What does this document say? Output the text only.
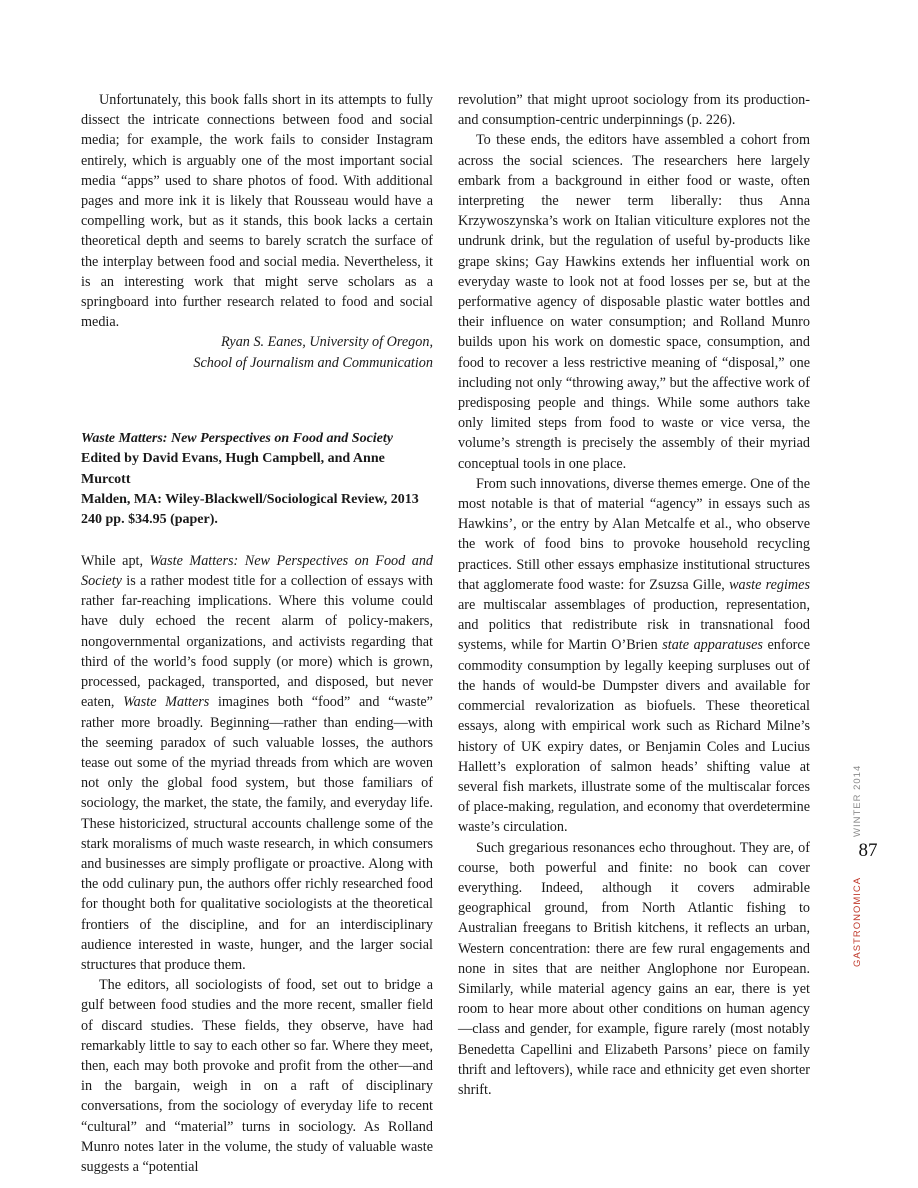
Unfortunately, this book falls short in its attempts to fully dissect the intricate connections between food and social media; for example, the work fails to consider Instagram entirely, which is arguably one of the most important social media “apps” used to share photos of food. With additional pages and more ink it is likely that Rousseau would have a compelling work, but as it stands, this book lacks a certain theoretical depth and seems to barely scratch the surface of the interplay between food and social media. Nevertheless, it is an interesting work that might serve scholars as a springboard into further research related to food and social media.

Ryan S. Eanes, University of Oregon,
School of Journalism and Communication
Waste Matters: New Perspectives on Food and Society
Edited by David Evans, Hugh Campbell, and Anne Murcott
Malden, MA: Wiley-Blackwell/Sociological Review, 2013
240 pp. $34.95 (paper).

While apt, Waste Matters: New Perspectives on Food and Society is a rather modest title for a collection of essays with rather far-reaching implications. Where this volume could have duly echoed the recent alarm of policy-makers, nongovernmental organizations, and activists regarding that third of the world’s food supply (or more) which is grown, processed, packaged, transported, and disposed, but never eaten, Waste Matters imagines both “food” and “waste” rather more broadly. Beginning—rather than ending—with the seeming paradox of such valuable losses, the authors tease out some of the myriad threads from which are woven not only the global food system, but those familiars of sociology, the market, the state, the family, and everyday life. These historicized, structural accounts challenge some of the stark moralisms of much waste research, in which consumers and businesses are simply profligate or proactive. Along with the odd culinary pun, the authors offer richly researched food for thought both for qualitative sociologists at the theoretical frontiers of the discipline, and for an interdisciplinary audience interested in waste, hunger, and the larger social structures that produce them.

The editors, all sociologists of food, set out to bridge a gulf between food studies and the more recent, smaller field of discard studies. These fields, they observe, have had remarkably little to say to each other so far. Where they meet, then, each may both provoke and profit from the other—and in the bargain, weigh in on a raft of disciplinary conversations, from the sociology of everyday life to recent “cultural” and “material” turns in sociology. As Rolland Munro notes later in the volume, the study of valuable waste suggests a “potential

revolution” that might uproot sociology from its production- and consumption-centric underpinnings (p. 226).

To these ends, the editors have assembled a cohort from across the social sciences. The researchers here largely embark from a background in either food or waste, often interpreting the newer term liberally: thus Anna Krzywoszynska’s work on Italian viticulture explores not the undrunk drink, but the regulation of useful by-products like grape skins; Gay Hawkins extends her influential work on everyday waste to look not at food losses per se, but at the performative agency of disposable plastic water bottles and their influence on water consumption; and Rolland Munro builds upon his work on domestic space, consumption, and food to recover a less restrictive meaning of “disposal,” one including not only “throwing away,” but the affective work of predisposing people and things. While some authors take only limited steps from food to waste or vice versa, the volume’s strength is precisely the assembly of their myriad conceptual tools in one place.

From such innovations, diverse themes emerge. One of the most notable is that of material “agency” in essays such as Hawkins’, or the entry by Alan Metcalfe et al., who observe the work of food bins to provoke household recycling practices. Still other essays emphasize institutional structures that agglomerate food waste: for Zsuzsa Gille, waste regimes are multiscalar assemblages of production, representation, and politics that redistribute risk in transnational food systems, while for Martin O’Brien state apparatuses enforce commodity consumption by legally keeping surpluses out of the hands of would-be Dumpster divers and available for commercial revalorization as biofuels. These theoretical essays, along with empirical work such as Richard Milne’s history of UK expiry dates, or Benjamin Coles and Lucius Hallett’s exploration of salmon heads’ shifting value at several fish markets, illustrate some of the multiscalar forces of place-making, regulation, and economy that overdetermine waste’s circulation.

Such gregarious resonances echo throughout. They are, of course, both powerful and finite: no book can cover everything. Indeed, although it covers admirable geographical ground, from North Atlantic fishing to Australian freegans to British kitchens, it reflects an urban, Western concentration: there are few rural engagements and none in sites that are neither Anglophone nor European. Similarly, while material agency gains an ear, there is yet room to hear more about other conditions on human agency—class and gender, for example, figure rarely (most notably Benedetta Capellini and Elizabeth Parsons’ piece on family thrift and leftovers), while race and ethnicity get even shorter shrift.

WINTER 2014
87
GASTRONOMICA
